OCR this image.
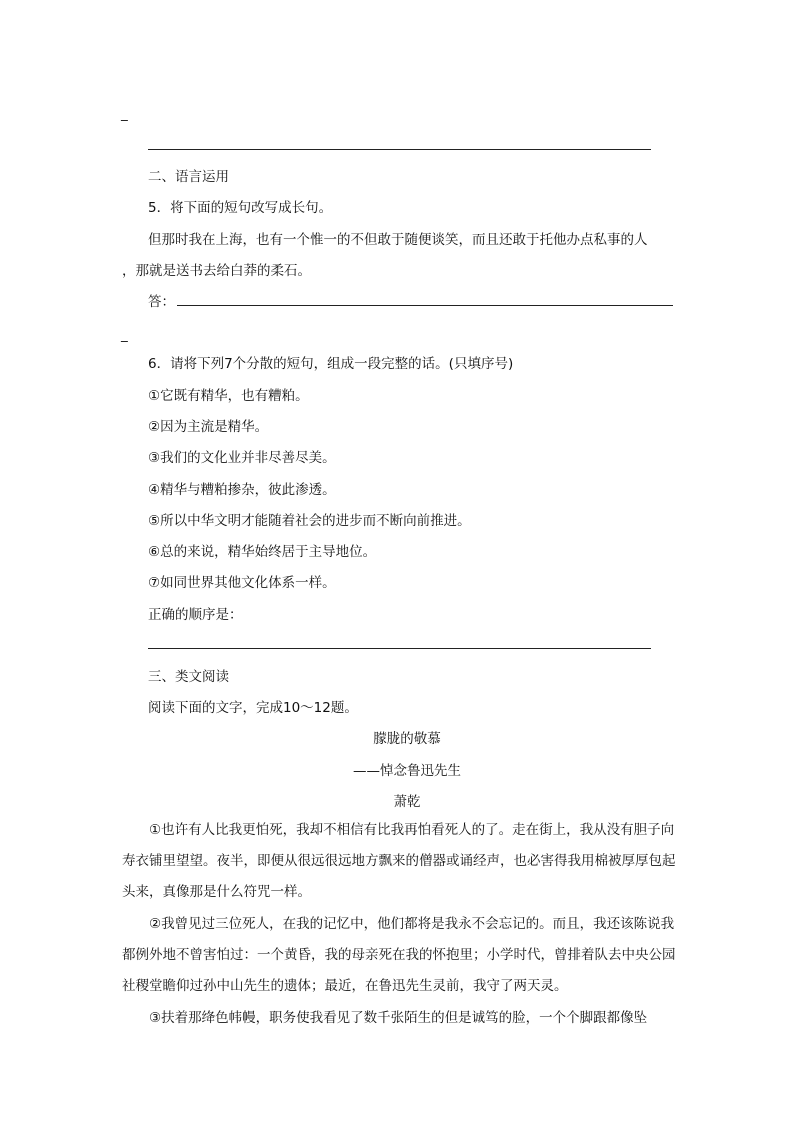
_
二、语言运用
5．将下面的短句改写成长句。
但那时我在上海，也有一个惟一的不但敢于随便谈笑，而且还敢于托他办点私事的人
，那就是送书去给白莽的柔石。
答：
_
6．请将下列7个分散的短句，组成一段完整的话。(只填序号)
①它既有精华，也有糟粕。
②因为主流是精华。
③我们的文化业并非尽善尽美。
④精华与糟粕掺杂，彼此渗透。
⑤所以中华文明才能随着社会的进步而不断向前推进。
⑥总的来说，精华始终居于主导地位。
⑦如同世界其他文化体系一样。
正确的顺序是：
三、类文阅读
阅读下面的文字，完成10～12题。
朦胧的敬慕
——悼念鲁迅先生
萧乾
①也许有人比我更怕死，我却不相信有比我再怕看死人的了。走在街上，我从没有胆子向寿衣铺里望望。夜半，即便从很远很远地方飘来的僧器或诵经声，也必害得我用棉被厚厚包起头来，真像那是什么符咒一样。
②我曾见过三位死人，在我的记忆中，他们都将是我永不会忘记的。而且，我还该陈说我都例外地不曾害怕过：一个黄昏，我的母亲死在我的怀抱里；小学时代，曾排着队去中央公园社稷堂瞻仰过孙中山先生的遗体；最近，在鲁迅先生灵前，我守了两天灵。
③扶着那绛色帏幔，职务使我看见了数千张陌生的但是诚笃的脸，一个个脚跟都像坠
